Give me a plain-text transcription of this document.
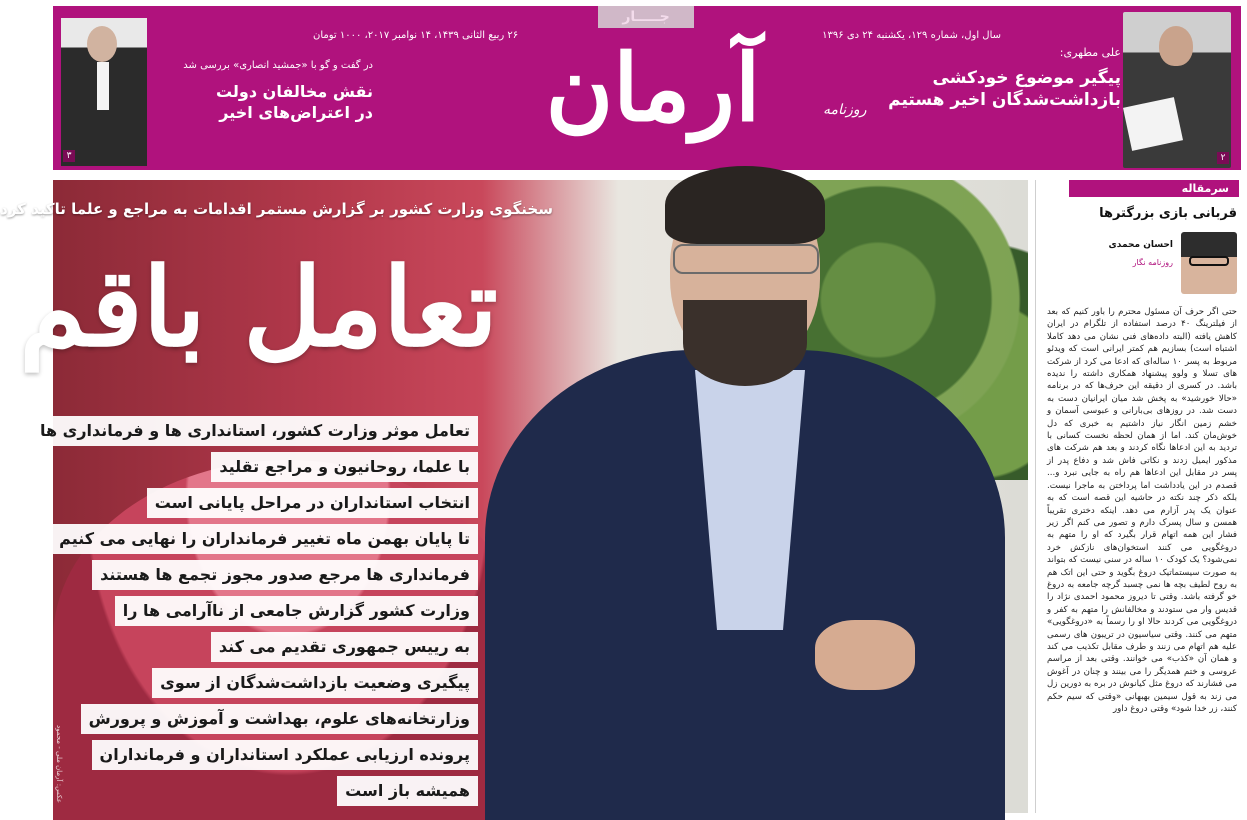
جـــــار
سال اول، شماره ۱۲۹، یکشنبه ۲۴ دی ۱۳۹۶
۲۶ ربیع الثانی ۱۴۳۹، ۱۴ نوامبر ۲۰۱۷، ۱۰۰۰ تومان آرمان	روزنامه
۲
علی مطهری:
پیگیر موضوع خودکشی
بازداشت‌شدگان اخیر هستیم
۳
در گفت و گو با «جمشید انصاری» بررسی شد
نقش مخالفان دولت
در اعتراض‌های اخیر
سخنگوی وزارت کشور بر گزارش مستمر اقدامات به مراجع و علما تاکید کرد
تعامل باقم
تعامل موثر وزارت کشور، استانداری ها و فرمانداری ها
با علما، روحانیون و مراجع تقلید
انتخاب استانداران در مراحل پایانی است
تا پایان بهمن ماه تغییر فرمانداران را نهایی می کنیم
فرمانداری ها مرجع صدور مجوز تجمع ها هستند
وزارت کشور گزارش جامعی از ناآرامی ها را
به رییس جمهوری تقدیم می کند
پیگیری وضعیت بازداشت‌شدگان از سوی
وزارتخانه‌های علوم، بهداشت و آموزش و پرورش
پرونده ارزیابی عملکرد استانداران و فرمانداران
همیشه باز است
عکس: آرمان ملی - محمود نوری
سرمقاله
قربانی بازی بزرگترها
احسان محمدی
روزنامه نگار
حتی اگر حرف آن مسئول محترم را باور کنیم که بعد از فیلترینگ ۴۰ درصد استفاده از تلگرام در ایران کاهش یافته (البته داده‌های فنی نشان می دهد کاملا اشتباه است) بسازیم هم کمتر ایرانی است که ویدئو مربوط به پسر ۱۰ ساله‌ای که ادعا می کرد از شرکت های تسلا و ولوو پیشنهاد همکاری داشته را ندیده باشد. در کسری از دقیقه این حرف‌ها که در برنامه «حالا خورشید» به پخش شد میان ایرانیان دست به دست شد. در روزهای بی‌بارانی و عبوسی آسمان و خشم زمین انگار نیاز داشتیم به خبری که دل خوش‌مان کند. اما از همان لحظه نخست کسانی با تردید به این ادعاها نگاه کردند و بعد هم شرکت های مذکور ایمیل زدند و نکاتی فاش شد و دفاع پدر از پسر در مقابل این ادعاها هم راه به جایی نبرد و... قصدم در این یادداشت اما پرداختن به ماجرا نیست. بلکه ذکر چند نکته در حاشیه این قصه است که به عنوان یک پدر آزارم می دهد. اینکه دختری تقریباً همسن و سال پسرک دارم و تصور می کنم اگر زیر فشار این همه اتهام قرار بگیرد که او را متهم به دروغگویی می کنند استخوان‌های نازکش خرد نمی‌شود؟ یک کودک ۱۰ ساله در سنی نیست که بتواند به صورت سیستماتیک دروغ بگوید و حتی این اتک هم به روح لطیف بچه ها نمی چسبد گرچه جامعه به دروغ خو گرفته باشد. وقتی تا دیروز محمود احمدی نژاد را قدیس وار می ستودند و مخالفانش را متهم به کفر و دروغگویی می کردند حالا او را رسماً به «دروغگویی» متهم می کنند. وقتی سیاسیون در تریبون های رسمی علیه هم اتهام می زنند و طرف مقابل تکذیب می کند و همان آن «کذب» می خوانند. وقتی بعد از مراسم عروسی و ختم همدیگر را می بینند و چنان در آغوش می فشارند که دروغ مثل کیانوش در بره به دورین زل می زند به قول سیمین بهبهانی «وقتی که سیم حکم کنند، زر خدا شود» وقتی دروغ داور
